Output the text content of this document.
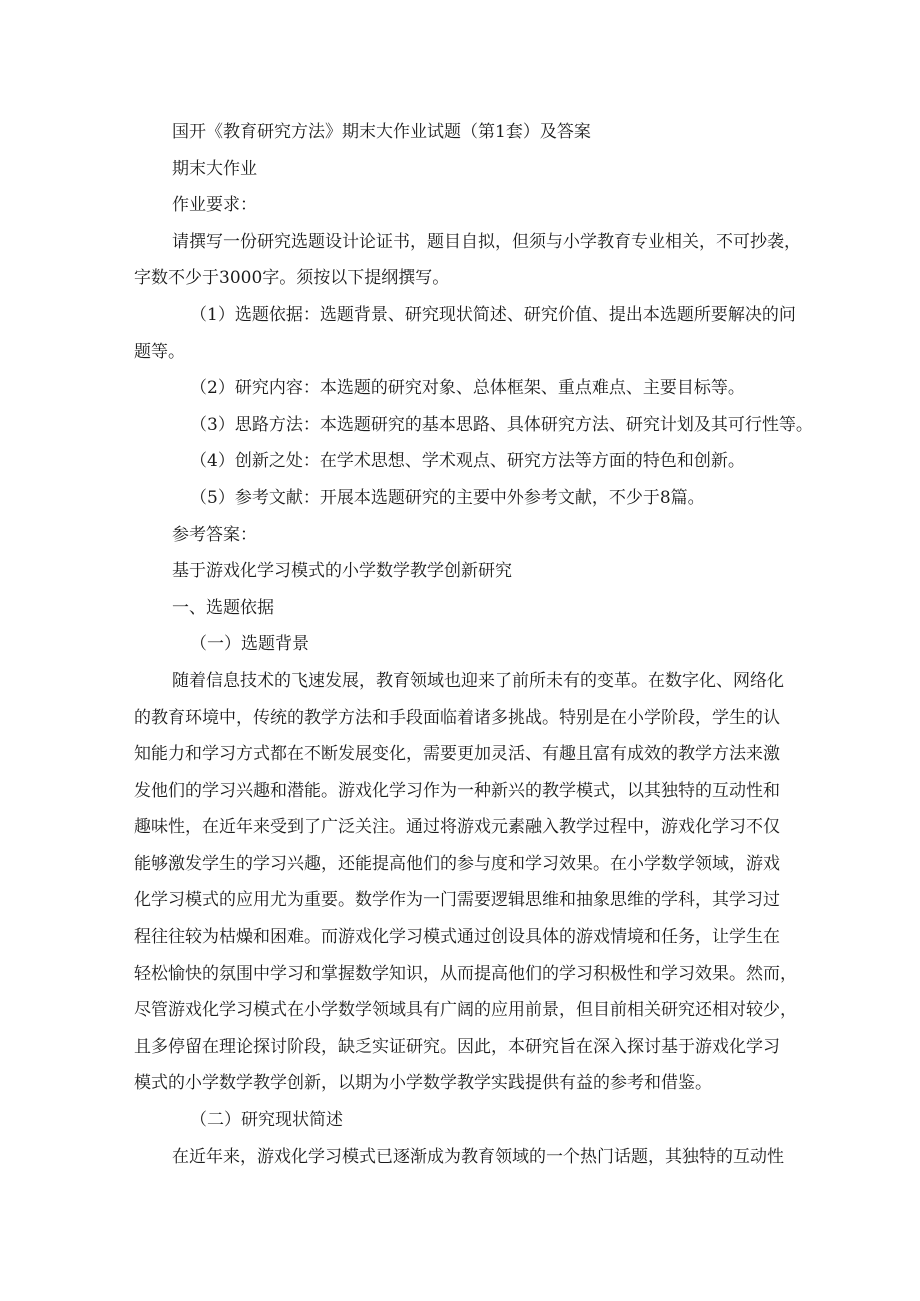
国开《教育研究方法》期末大作业试题（第1套）及答案

期末大作业

作业要求：

请撰写一份研究选题设计论证书，题目自拟，但须与小学教育专业相关，不可抄袭，
字数不少于3000字。须按以下提纲撰写。
（1）选题依据：选题背景、研究现状简述、研究价值、提出本选题所要解决的问
题等。

（2）研究内容：本选题的研究对象、总体框架、重点难点、主要目标等。

（3）思路方法：本选题研究的基本思路、具体研究方法、研究计划及其可行性等。

（4）创新之处：在学术思想、学术观点、研究方法等方面的特色和创新。

（5）参考文献：开展本选题研究的主要中外参考文献，不少于8篇。

参考答案：

基于游戏化学习模式的小学数学教学创新研究

一、选题依据

（一）选题背景

随着信息技术的飞速发展，教育领域也迎来了前所未有的变革。在数字化、网络化
的教育环境中，传统的教学方法和手段面临着诸多挑战。特别是在小学阶段，学生的认
知能力和学习方式都在不断发展变化，需要更加灵活、有趣且富有成效的教学方法来激
发他们的学习兴趣和潜能。游戏化学习作为一种新兴的教学模式，以其独特的互动性和
趣味性，在近年来受到了广泛关注。通过将游戏元素融入教学过程中，游戏化学习不仅
能够激发学生的学习兴趣，还能提高他们的参与度和学习效果。在小学数学领域，游戏
化学习模式的应用尤为重要。数学作为一门需要逻辑思维和抽象思维的学科，其学习过
程往往较为枯燥和困难。而游戏化学习模式通过创设具体的游戏情境和任务，让学生在
轻松愉快的氛围中学习和掌握数学知识，从而提高他们的学习积极性和学习效果。然而，
尽管游戏化学习模式在小学数学领域具有广阔的应用前景，但目前相关研究还相对较少，
且多停留在理论探讨阶段，缺乏实证研究。因此，本研究旨在深入探讨基于游戏化学习
模式的小学数学教学创新，以期为小学数学教学实践提供有益的参考和借鉴。

（二）研究现状简述

在近年来，游戏化学习模式已逐渐成为教育领域的一个热门话题，其独特的互动性
